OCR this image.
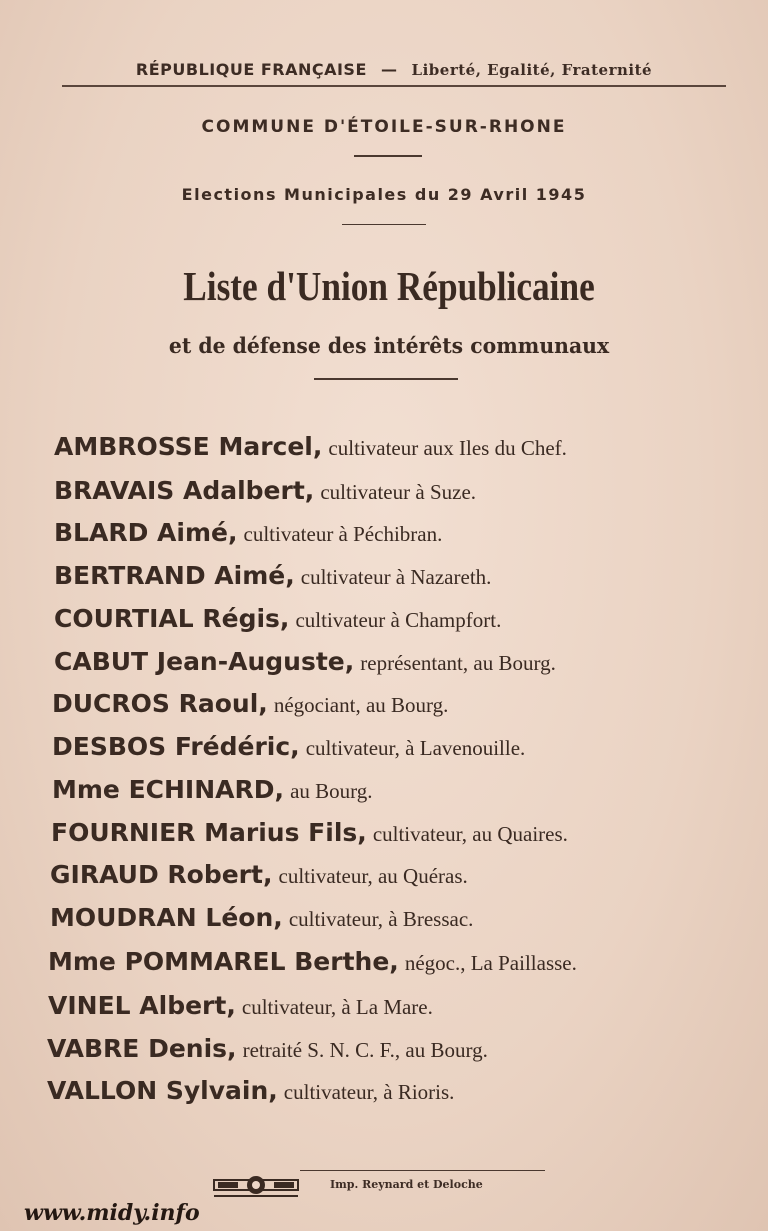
RÉPUBLIQUE FRANÇAISE — Liberté, Egalité, Fraternité
COMMUNE D'ÉTOILE-SUR-RHONE
Elections Municipales du 29 Avril 1945
Liste d'Union Républicaine
et de défense des intérêts communaux
AMBROSSE Marcel, cultivateur aux Iles du Chef.
BRAVAIS Adalbert, cultivateur à Suze.
BLARD Aimé, cultivateur à Péchibran.
BERTRAND Aimé, cultivateur à Nazareth.
COURTIAL Régis, cultivateur à Champfort.
CABUT Jean-Auguste, représentant, au Bourg.
DUCROS Raoul, négociant, au Bourg.
DESBOS Frédéric, cultivateur, à Lavenouille.
Mme ECHINARD, au Bourg.
FOURNIER Marius Fils, cultivateur, au Quaires.
GIRAUD Robert, cultivateur, au Quéras.
MOUDRAN Léon, cultivateur, à Bressac.
Mme POMMAREL Berthe, négoc., La Paillasse.
VINEL Albert, cultivateur, à La Mare.
VABRE Denis, retraité S. N. C. F., au Bourg.
VALLON Sylvain, cultivateur, à Rioris.
Imp. Reynard et Deloche
www.midy.info
